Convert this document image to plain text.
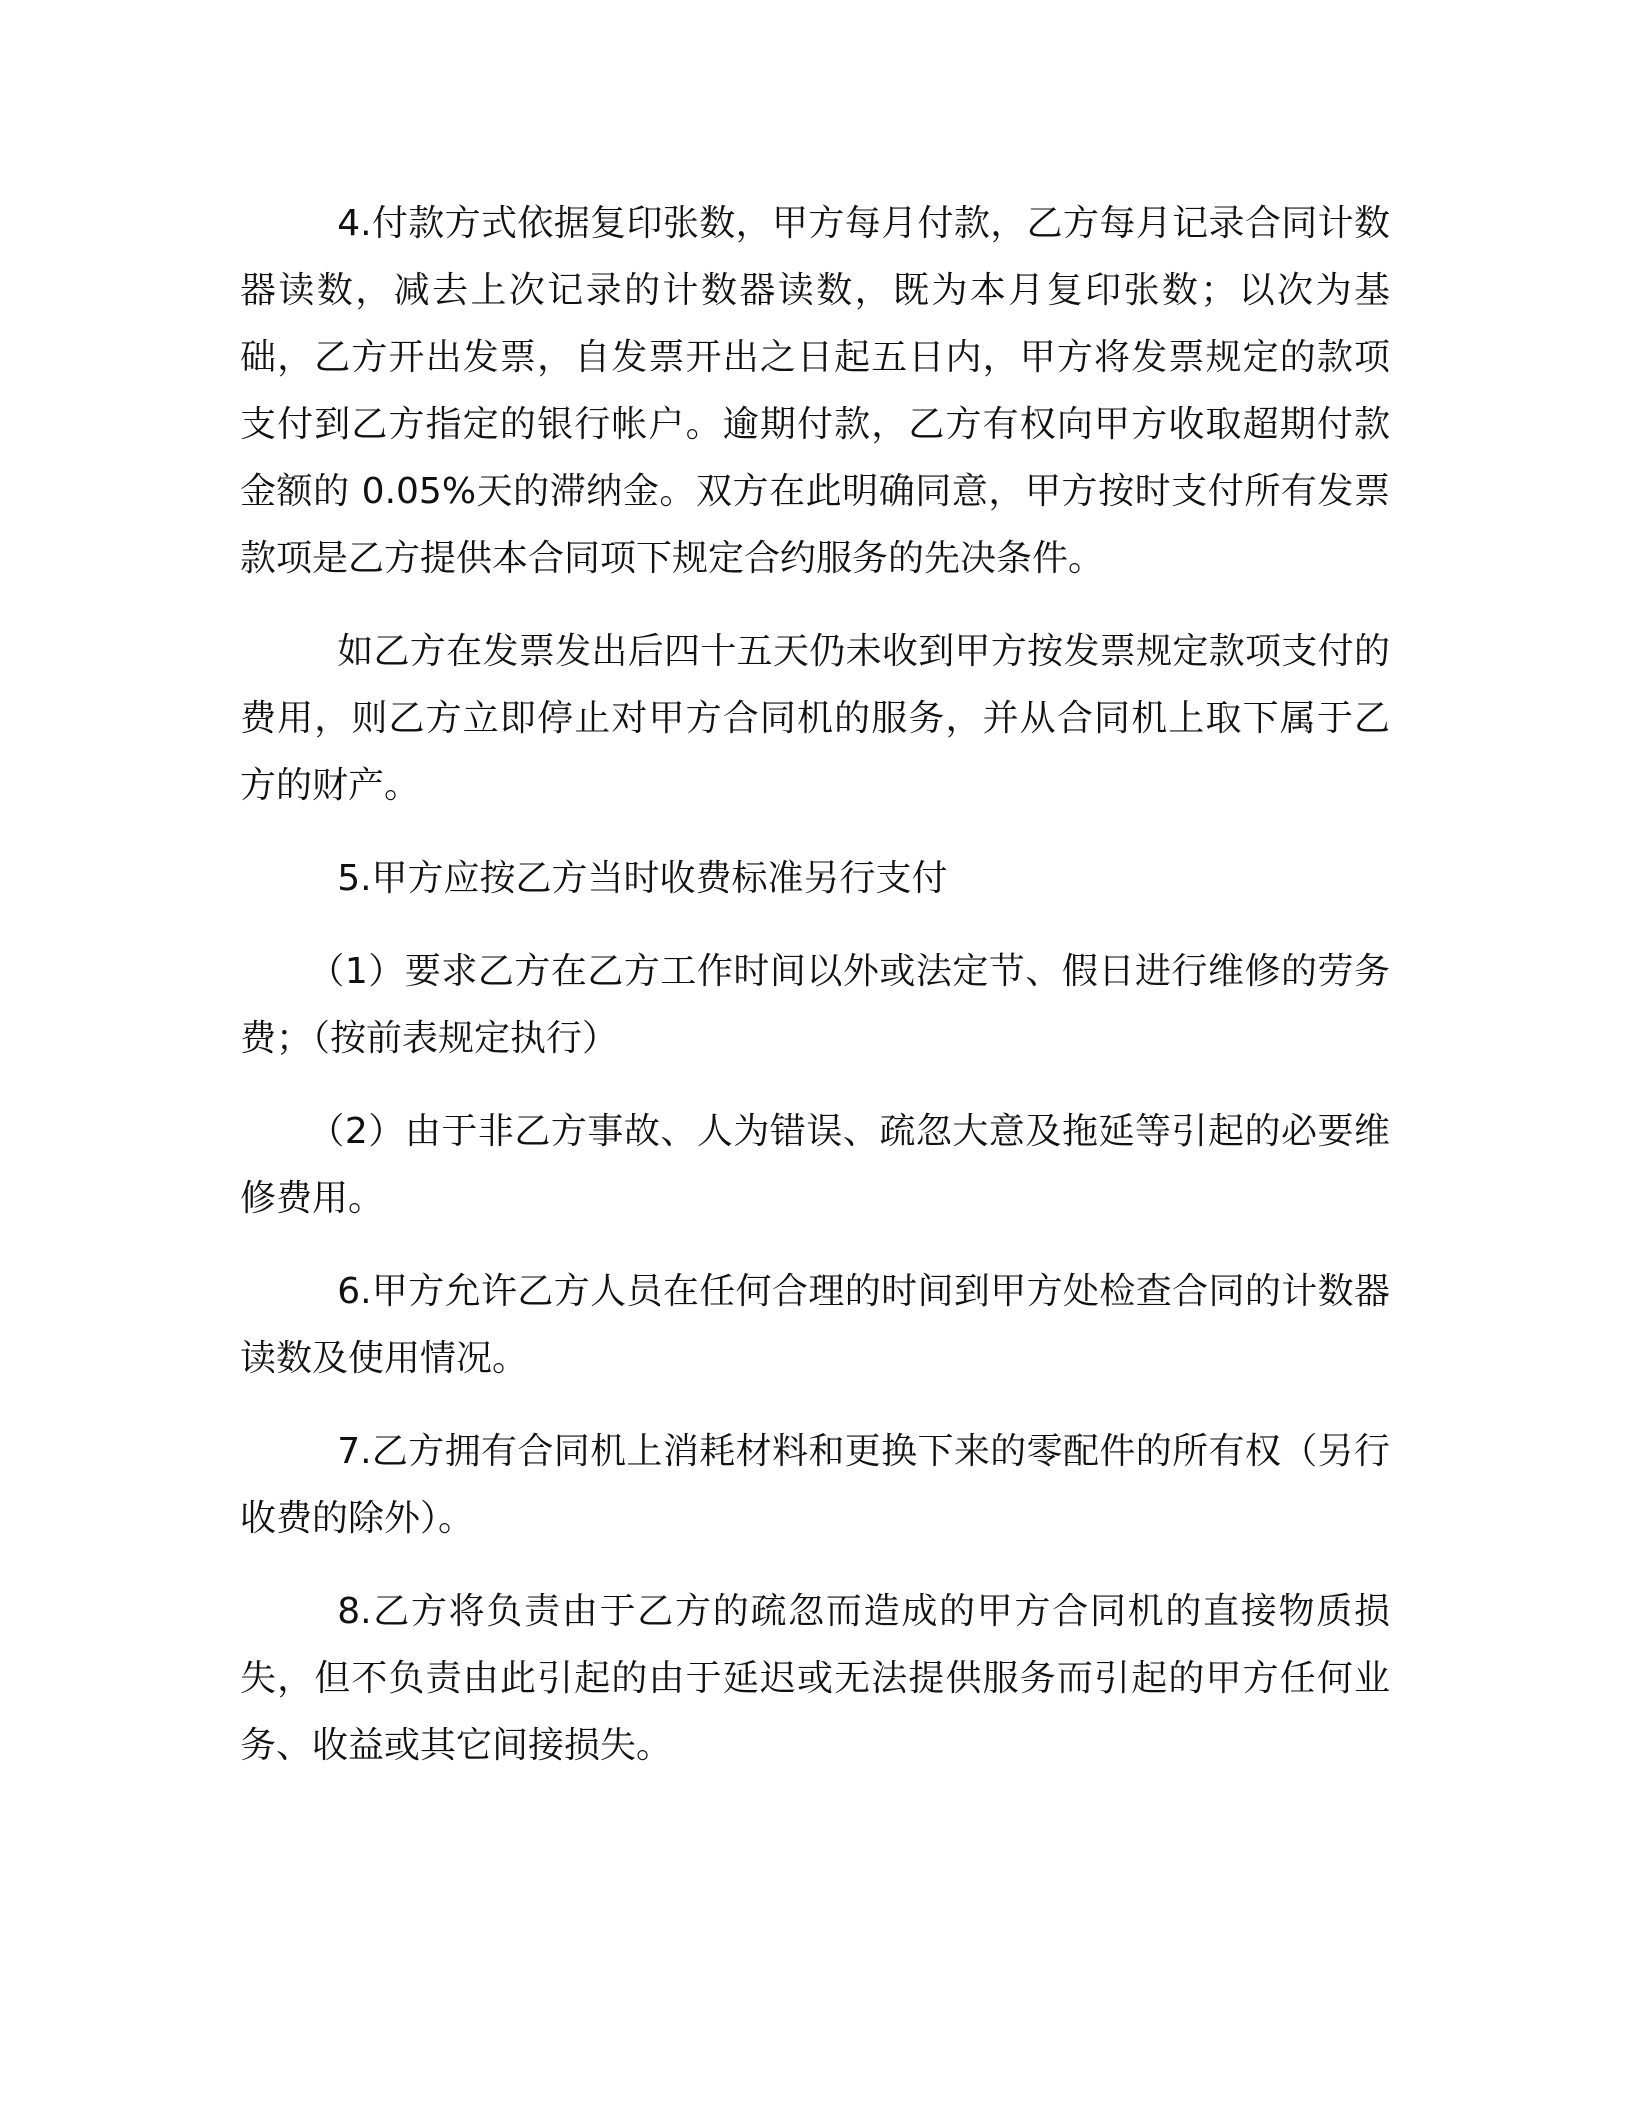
4.付款方式依据复印张数，甲方每月付款，乙方每月记录合同计数器读数，减去上次记录的计数器读数，既为本月复印张数；以次为基础，乙方开出发票，自发票开出之日起五日内，甲方将发票规定的款项支付到乙方指定的银行帐户。逾期付款，乙方有权向甲方收取超期付款金额的 0.05%天的滞纳金。双方在此明确同意，甲方按时支付所有发票款项是乙方提供本合同项下规定合约服务的先决条件。

如乙方在发票发出后四十五天仍未收到甲方按发票规定款项支付的费用，则乙方立即停止对甲方合同机的服务，并从合同机上取下属于乙方的财产。

5.甲方应按乙方当时收费标准另行支付

（1）要求乙方在乙方工作时间以外或法定节、假日进行维修的劳务费；（按前表规定执行）

（2）由于非乙方事故、人为错误、疏忽大意及拖延等引起的必要维修费用。

6.甲方允许乙方人员在任何合理的时间到甲方处检查合同的计数器读数及使用情况。

7.乙方拥有合同机上消耗材料和更换下来的零配件的所有权（另行收费的除外）。

8.乙方将负责由于乙方的疏忽而造成的甲方合同机的直接物质损失，但不负责由此引起的由于延迟或无法提供服务而引起的甲方任何业务、收益或其它间接损失。
